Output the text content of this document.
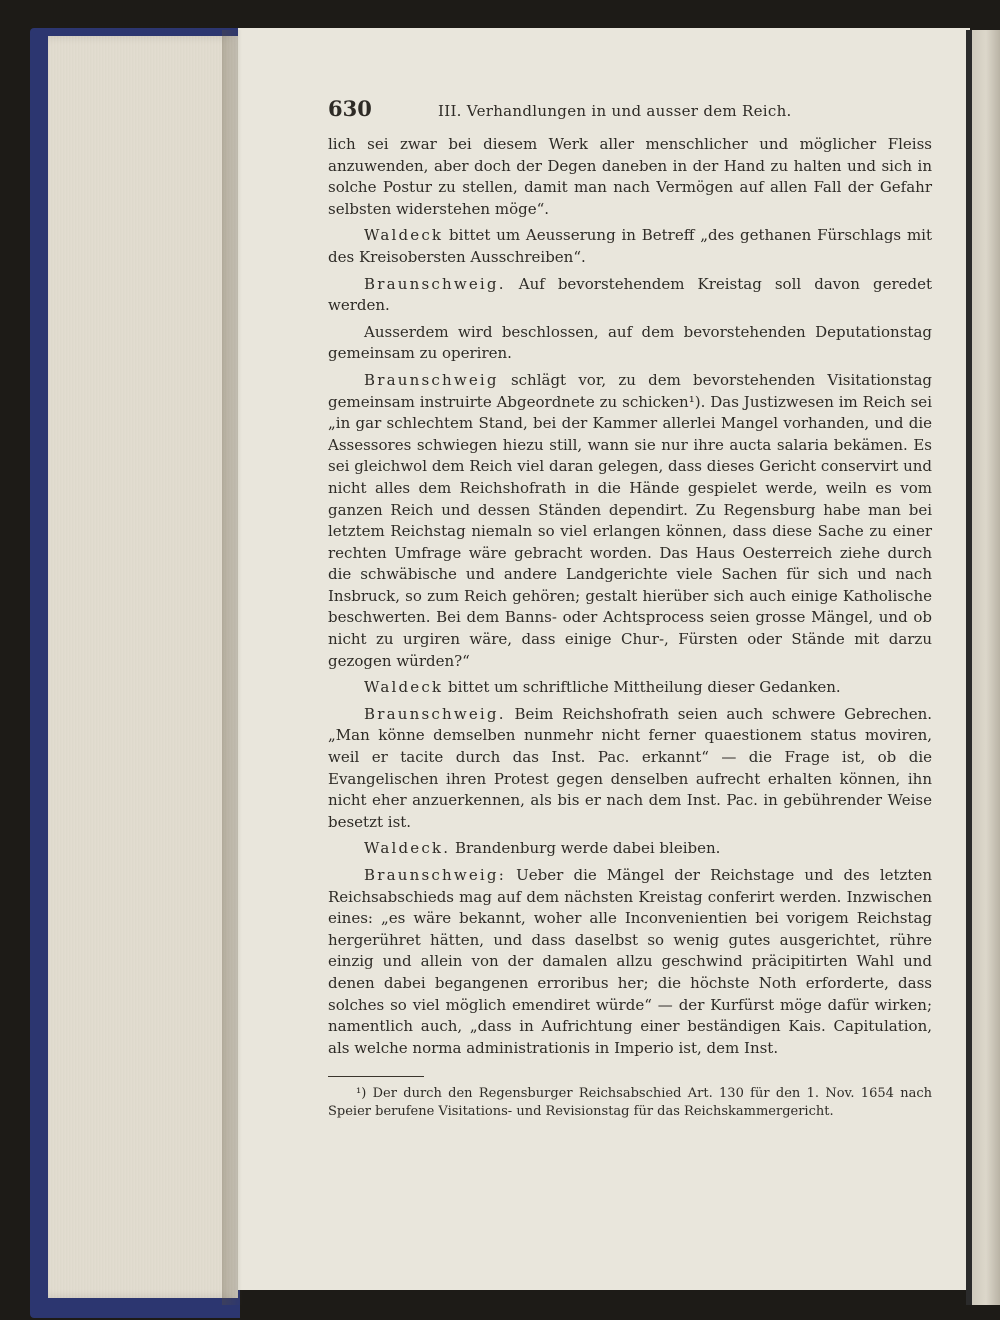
630	III. Verhandlungen in und ausser dem Reich.

lich sei zwar bei diesem Werk aller menschlicher und möglicher Fleiss anzuwenden, aber doch der Degen daneben in der Hand zu halten und sich in solche Postur zu stellen, damit man nach Vermögen auf allen Fall der Gefahr selbsten widerstehen möge“.

Waldeck bittet um Aeusserung in Betreff „des gethanen Fürschlags mit des Kreisobersten Ausschreiben“.

Braunschweig. Auf bevorstehendem Kreistag soll davon geredet werden.

Ausserdem wird beschlossen, auf dem bevorstehenden Deputationstag gemeinsam zu operiren.

Braunschweig schlägt vor, zu dem bevorstehenden Visitationstag gemeinsam instruirte Abgeordnete zu schicken¹). Das Justizwesen im Reich sei „in gar schlechtem Stand, bei der Kammer allerlei Mangel vorhanden, und die Assessores schwiegen hiezu still, wann sie nur ihre aucta salaria bekämen. Es sei gleichwol dem Reich viel daran gelegen, dass dieses Gericht conservirt und nicht alles dem Reichshofrath in die Hände gespielet werde, weiln es vom ganzen Reich und dessen Ständen dependirt. Zu Regensburg habe man bei letztem Reichstag niemaln so viel erlangen können, dass diese Sache zu einer rechten Umfrage wäre gebracht worden. Das Haus Oesterreich ziehe durch die schwäbische und andere Landgerichte viele Sachen für sich und nach Insbruck, so zum Reich gehören; gestalt hierüber sich auch einige Katholische beschwerten. Bei dem Banns- oder Achtsprocess seien grosse Mängel, und ob nicht zu urgiren wäre, dass einige Chur-, Fürsten oder Stände mit darzu gezogen würden?“

Waldeck bittet um schriftliche Mittheilung dieser Gedanken.

Braunschweig. Beim Reichshofrath seien auch schwere Gebrechen. „Man könne demselben nunmehr nicht ferner quaestionem status moviren, weil er tacite durch das Inst. Pac. erkannt“ — die Frage ist, ob die Evangelischen ihren Protest gegen denselben aufrecht erhalten können, ihn nicht eher anzuerkennen, als bis er nach dem Inst. Pac. in gebührender Weise besetzt ist.

Waldeck. Brandenburg werde dabei bleiben.

Braunschweig: Ueber die Mängel der Reichstage und des letzten Reichsabschieds mag auf dem nächsten Kreistag conferirt werden. Inzwischen eines: „es wäre bekannt, woher alle Inconvenientien bei vorigem Reichstag hergerühret hätten, und dass daselbst so wenig gutes ausgerichtet, rühre einzig und allein von der damalen allzu geschwind präcipitirten Wahl und denen dabei begangenen erroribus her; die höchste Noth erforderte, dass solches so viel möglich emendiret würde“ — der Kurfürst möge dafür wirken; namentlich auch, „dass in Aufrichtung einer beständigen Kais. Capitulation, als welche norma administrationis in Imperio ist, dem Inst.

¹) Der durch den Regensburger Reichsabschied Art. 130 für den 1. Nov. 1654 nach Speier berufene Visitations- und Revisionstag für das Reichskammergericht.
